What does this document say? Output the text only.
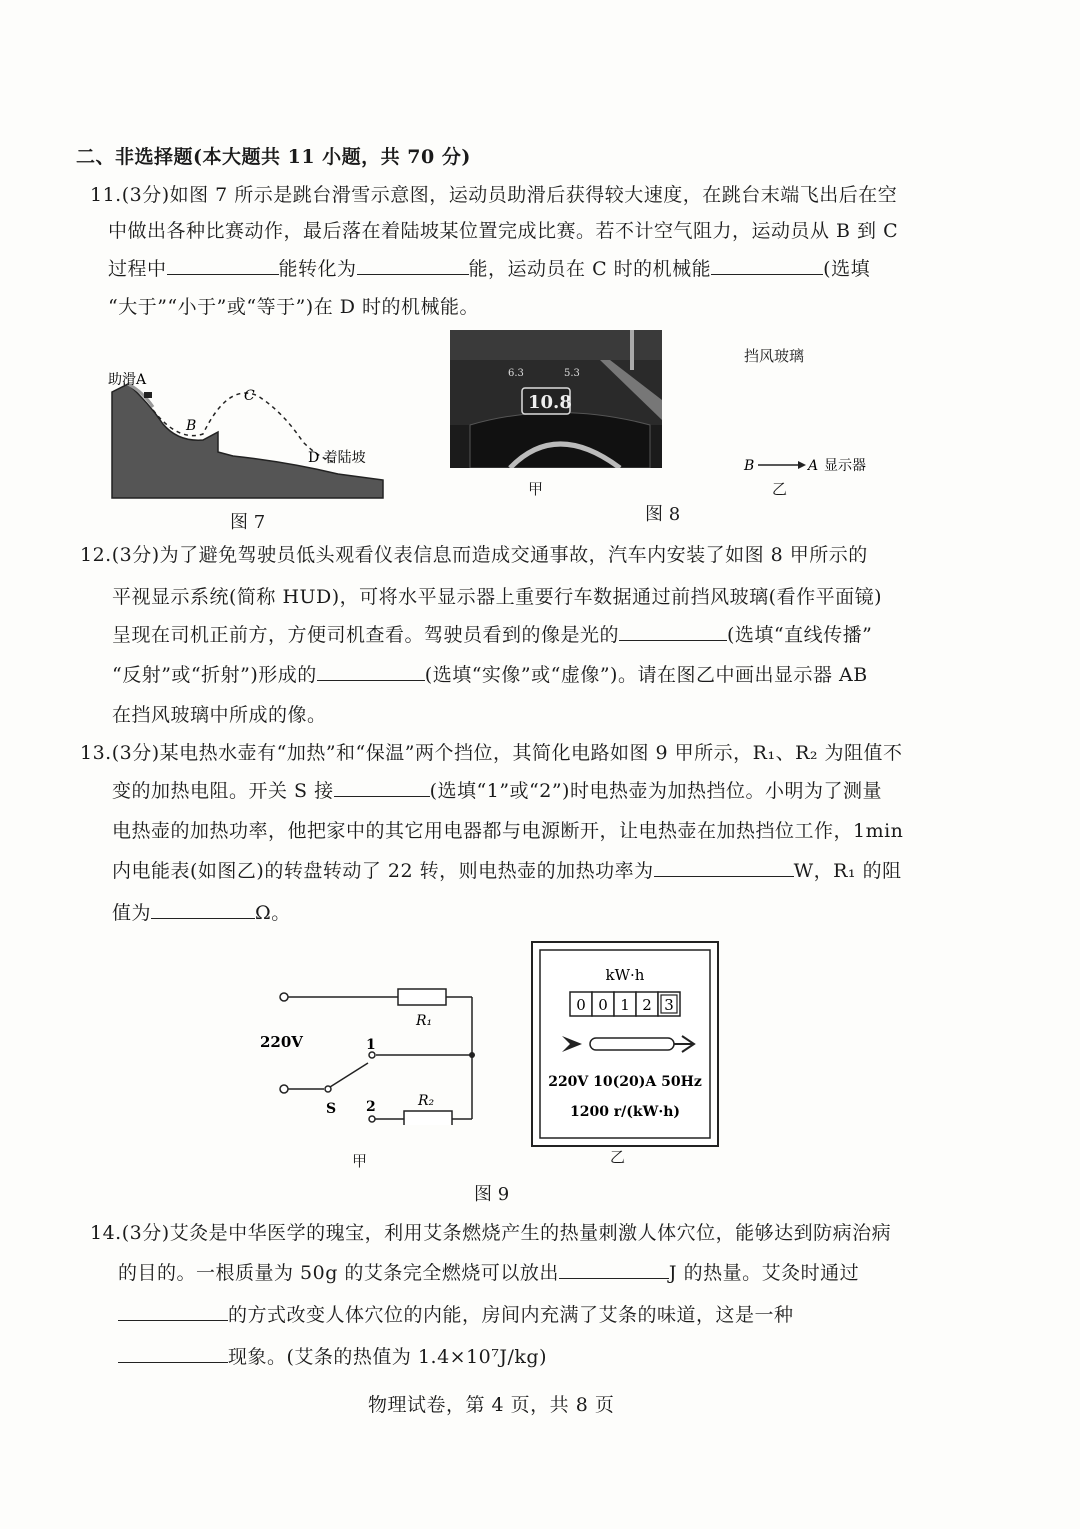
二、非选择题(本大题共 11 小题，共 70 分)
11.(3分)如图 7 所示是跳台滑雪示意图，运动员助滑后获得较大速度，在跳台末端飞出后在空
中做出各种比赛动作，最后落在着陆坡某位置完成比赛。若不计空气阻力，运动员从 B 到 C
过程中	能转化为	能，运动员在 C 时的机械能	(选填
“大于”“小于”或“等于”)在 D 时的机械能。
助滑A
B
C
D 着陆坡
图 7
10.8
6.3	5.3
甲
挡风玻璃
B	A 显示器
乙
图 8
12.(3分)为了避免驾驶员低头观看仪表信息而造成交通事故，汽车内安装了如图 8 甲所示的
平视显示系统(简称 HUD)，可将水平显示器上重要行车数据通过前挡风玻璃(看作平面镜)
呈现在司机正前方，方便司机查看。驾驶员看到的像是光的	(选填“直线传播”
“反射”或“折射”)形成的	(选填“实像”或“虚像”)。请在图乙中画出显示器 AB
在挡风玻璃中所成的像。
13.(3分)某电热水壶有“加热”和“保温”两个挡位，其简化电路如图 9 甲所示，R₁、R₂ 为阻值不
变的加热电阻。开关 S 接	(选填“1”或“2”)时电热壶为加热挡位。小明为了测量
电热壶的加热功率，他把家中的其它用电器都与电源断开，让电热壶在加热挡位工作，1min
内电能表(如图乙)的转盘转动了 22 转，则电热壶的加热功率为	W，R₁ 的阻
值为	Ω。
220V
R₁
R₂
1
2
S
甲
kW·h
0 0 1 2 3
220V 10(20)A 50Hz
1200 r/(kW·h)
乙
图 9
14.(3分)艾灸是中华医学的瑰宝，利用艾条燃烧产生的热量刺激人体穴位，能够达到防病治病
的目的。一根质量为 50g 的艾条完全燃烧可以放出	J 的热量。艾灸时通过
的方式改变人体穴位的内能，房间内充满了艾条的味道，这是一种
现象。(艾条的热值为 1.4×10⁷J/kg)
物理试卷，第 4 页，共 8 页
